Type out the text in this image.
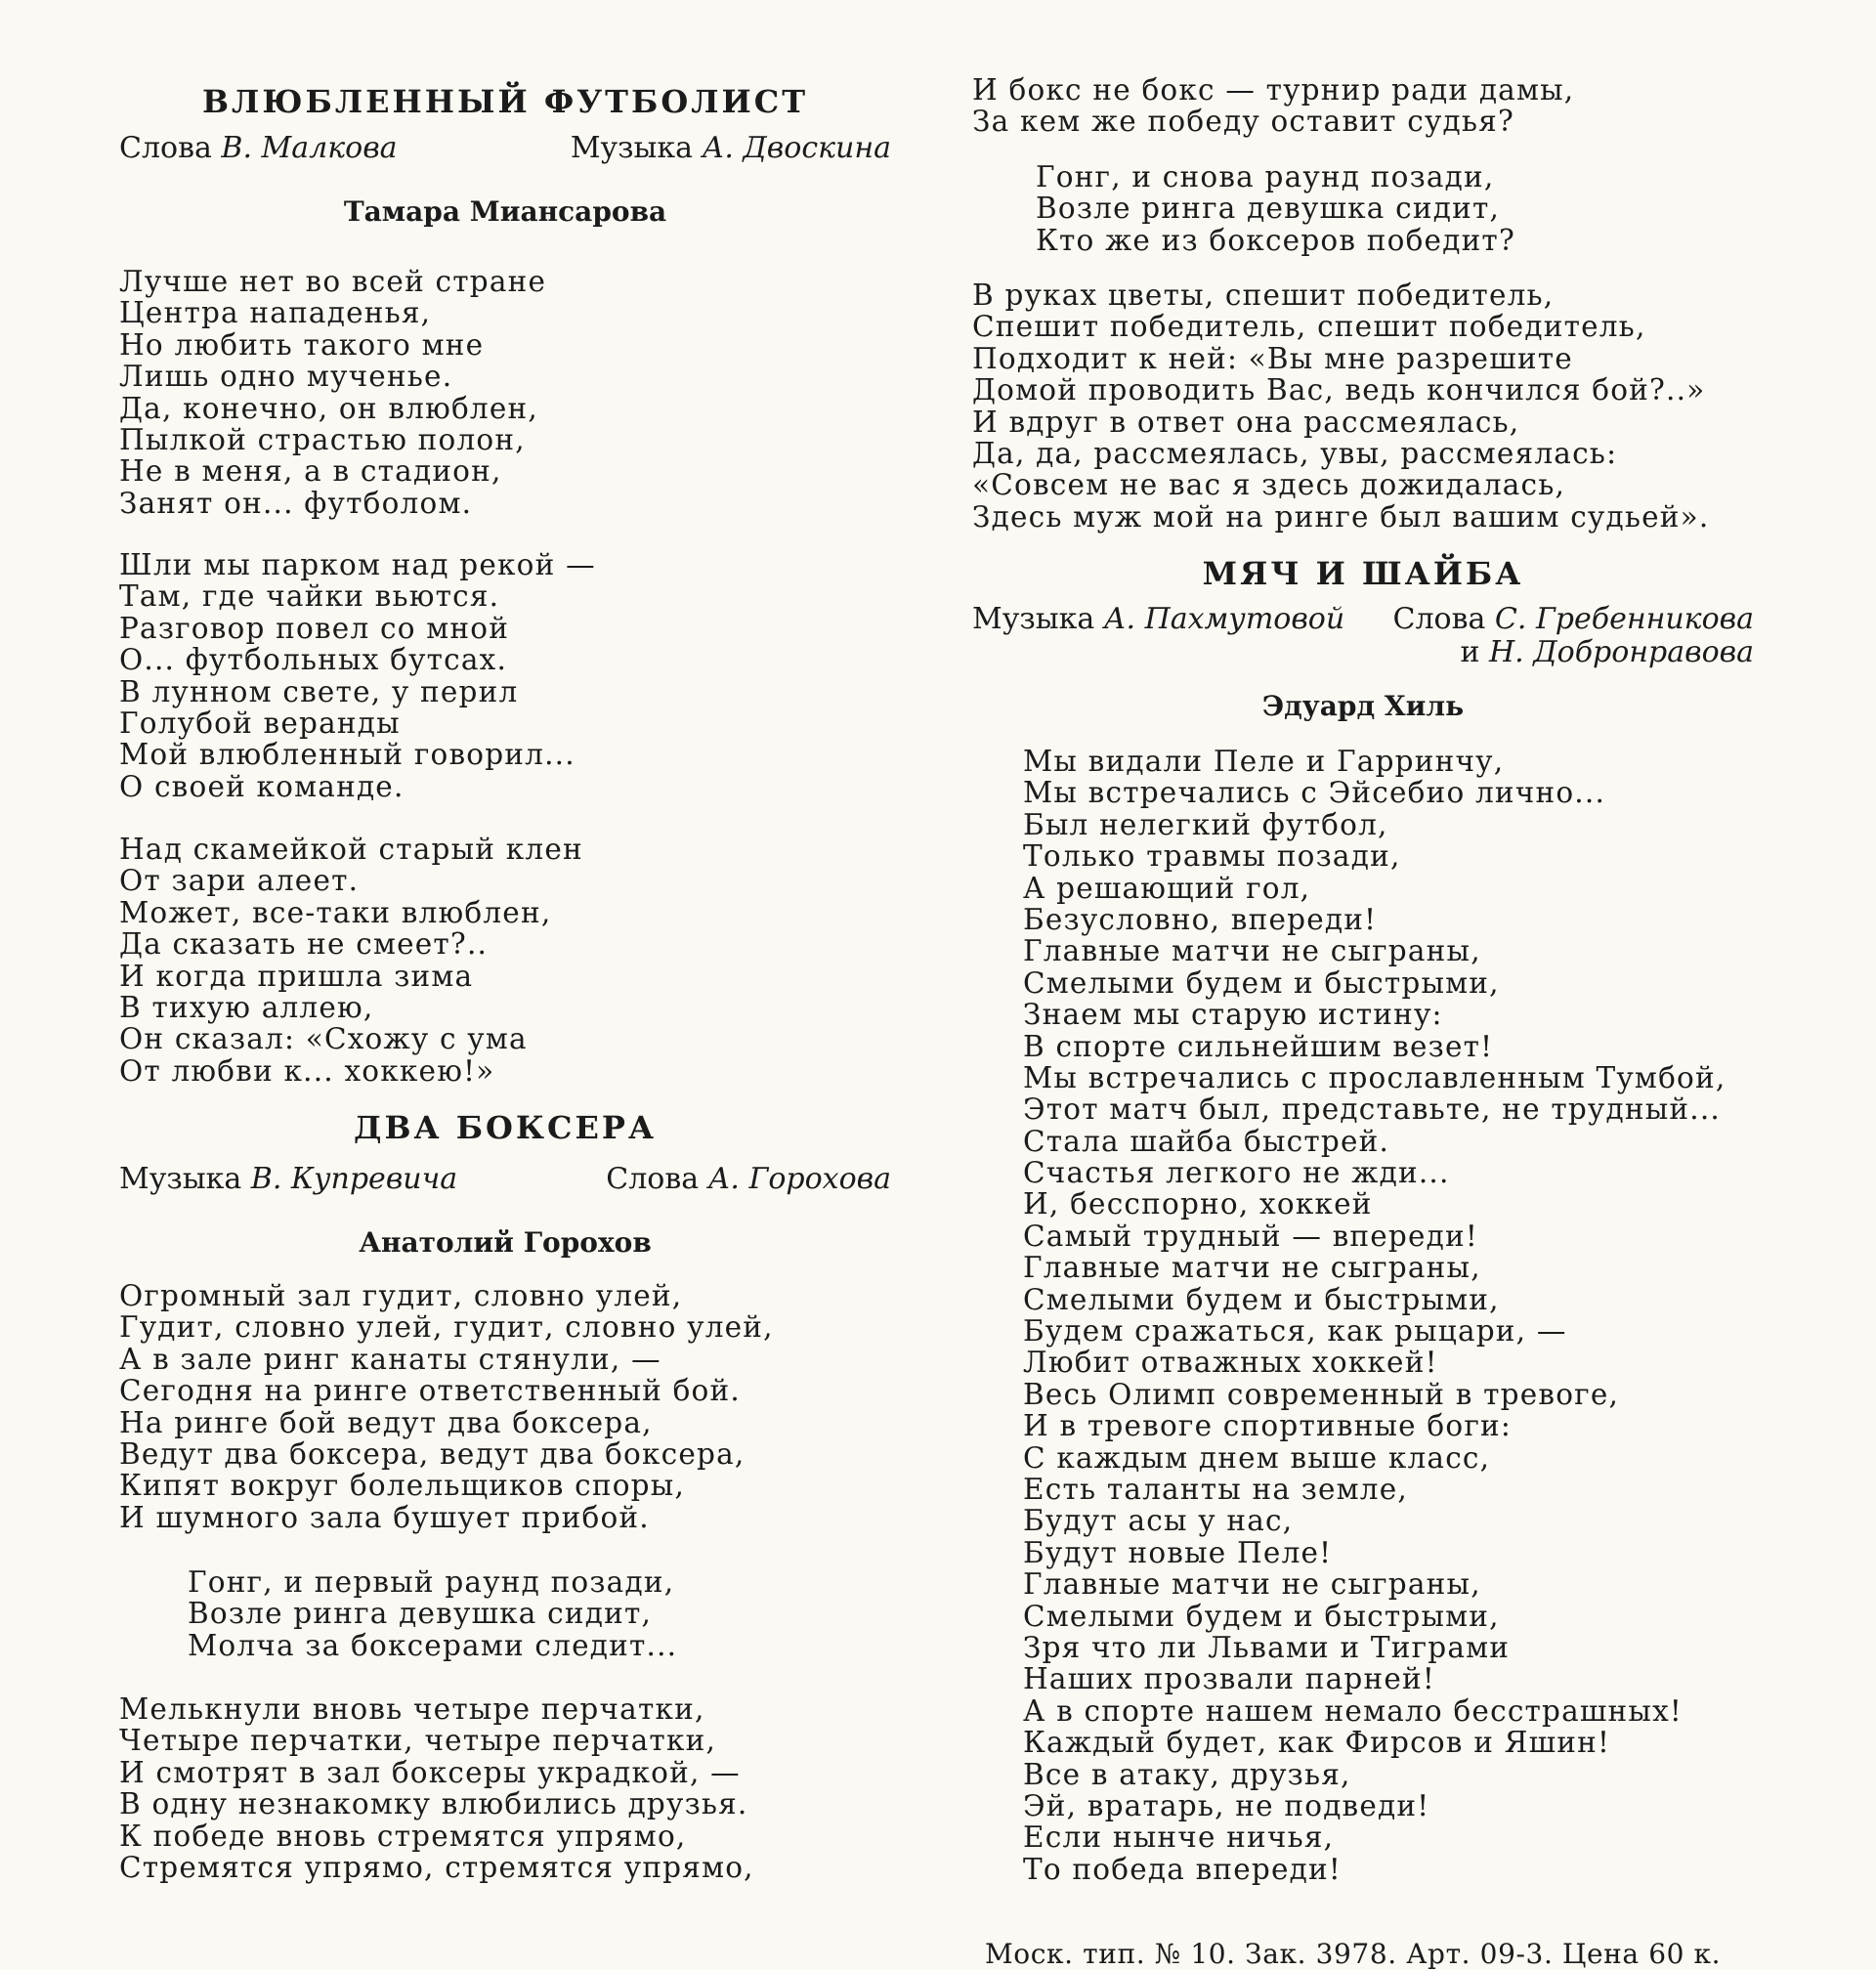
ВЛЮБЛЕННЫЙ ФУТБОЛИСТ
Слова В. Малкова	Музыка А. Двоскина
Тамара Миансарова
Лучше нет во всей стране
Центра нападенья,
Но любить такого мне
Лишь одно мученье.
Да, конечно, он влюблен,
Пылкой страстью полон,
Не в меня, а в стадион,
Занят он... футболом.
Шли мы парком над рекой —
Там, где чайки вьются.
Разговор повел со мной
О... футбольных бутсах.
В лунном свете, у перил
Голубой веранды
Мой влюбленный говорил...
О своей команде.
Над скамейкой старый клен
От зари алеет.
Может, все-таки влюблен,
Да сказать не смеет?..
И когда пришла зима
В тихую аллею,
Он сказал: «Схожу с ума
От любви к... хоккею!»
ДВА БОКСЕРА
Музыка В. Купревича	Слова А. Горохова
Анатолий Горохов
Огромный зал гудит, словно улей,
Гудит, словно улей, гудит, словно улей,
А в зале ринг канаты стянули, —
Сегодня на ринге ответственный бой.
На ринге бой ведут два боксера,
Ведут два боксера, ведут два боксера,
Кипят вокруг болельщиков споры,
И шумного зала бушует прибой.
Гонг, и первый раунд позади,
Возле ринга девушка сидит,
Молча за боксерами следит...
Мелькнули вновь четыре перчатки,
Четыре перчатки, четыре перчатки,
И смотрят в зал боксеры украдкой, —
В одну незнакомку влюбились друзья.
К победе вновь стремятся упрямо,
Стремятся упрямо, стремятся упрямо,
И бокс не бокс — турнир ради дамы,
За кем же победу оставит судья?
Гонг, и снова раунд позади,
Возле ринга девушка сидит,
Кто же из боксеров победит?
В руках цветы, спешит победитель,
Спешит победитель, спешит победитель,
Подходит к ней: «Вы мне разрешите
Домой проводить Вас, ведь кончился бой?..»
И вдруг в ответ она рассмеялась,
Да, да, рассмеялась, увы, рассмеялась:
«Совсем не вас я здесь дожидалась,
Здесь муж мой на ринге был вашим судьей».
МЯЧ И ШАЙБА
Музыка А. Пахмутовой Слова С. Гребенникова
и Н. Добронравова
Эдуард Хиль
Мы видали Пеле и Гарринчу,
Мы встречались с Эйсебио лично...
Был нелегкий футбол,
Только травмы позади,
А решающий гол,
Безусловно, впереди!
Главные матчи не сыграны,
Смелыми будем и быстрыми,
Знаем мы старую истину:
В спорте сильнейшим везет!
Мы встречались с прославленным Тумбой,
Этот матч был, представьте, не трудный...
Стала шайба быстрей.
Счастья легкого не жди...
И, бесспорно, хоккей
Самый трудный — впереди!
Главные матчи не сыграны,
Смелыми будем и быстрыми,
Будем сражаться, как рыцари, —
Любит отважных хоккей!
Весь Олимп современный в тревоге,
И в тревоге спортивные боги:
С каждым днем выше класс,
Есть таланты на земле,
Будут асы у нас,
Будут новые Пеле!
Главные матчи не сыграны,
Смелыми будем и быстрыми,
Зря что ли Львами и Тиграми
Наших прозвали парней!
А в спорте нашем немало бесстрашных!
Каждый будет, как Фирсов и Яшин!
Все в атаку, друзья,
Эй, вратарь, не подведи!
Если нынче ничья,
То победа впереди!
Моск. тип. № 10. Зак. 3978. Арт. 09-3. Цена 60 к.
